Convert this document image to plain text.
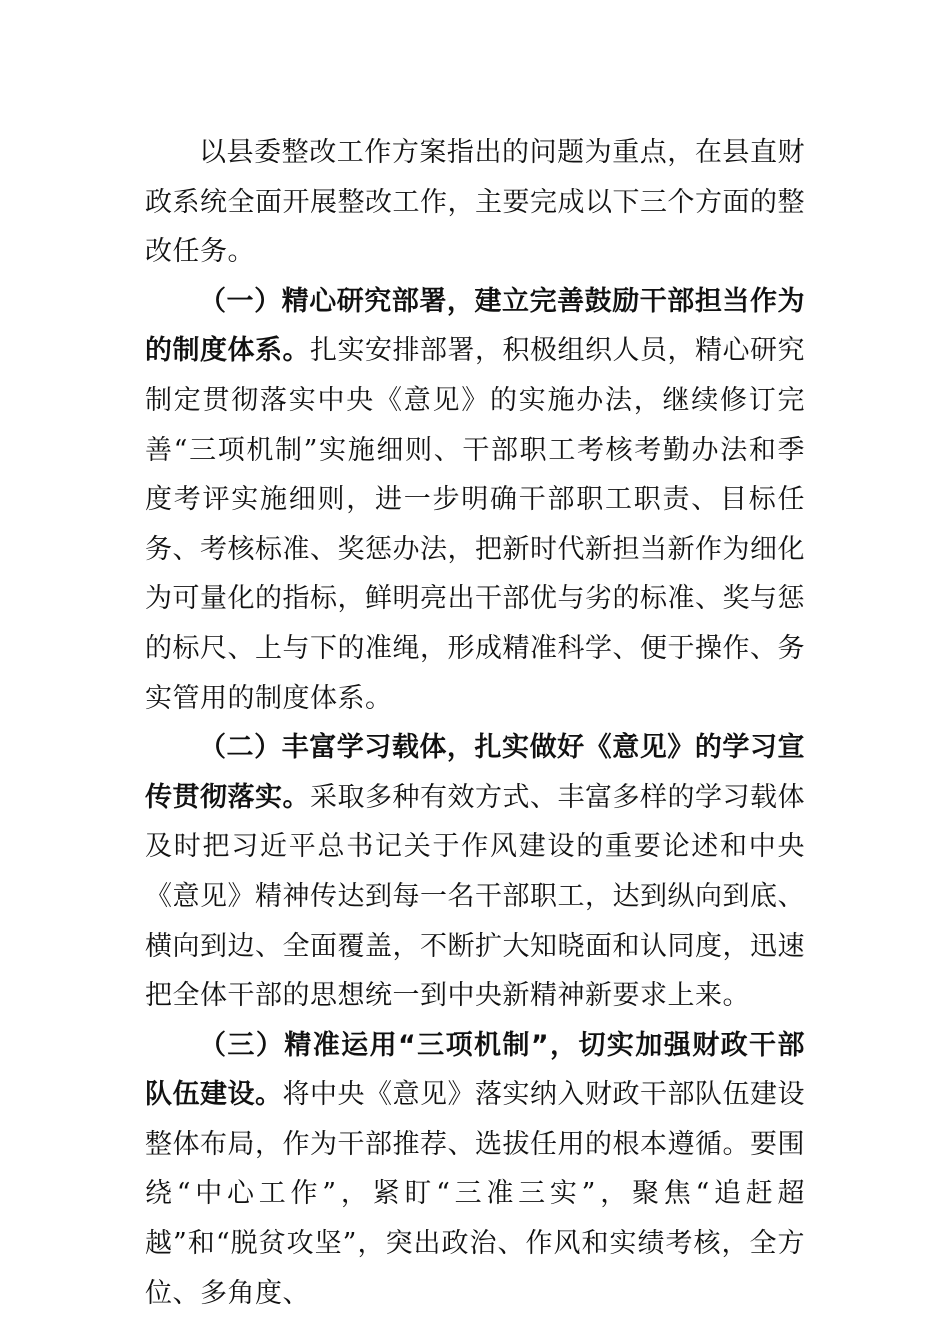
以县委整改工作方案指出的问题为重点，在县直财政系统全面开展整改工作，主要完成以下三个方面的整改任务。

（一）精心研究部署，建立完善鼓励干部担当作为的制度体系。扎实安排部署，积极组织人员，精心研究制定贯彻落实中央《意见》的实施办法，继续修订完善“三项机制”实施细则、干部职工考核考勤办法和季度考评实施细则，进一步明确干部职工职责、目标任务、考核标准、奖惩办法，把新时代新担当新作为细化为可量化的指标，鲜明亮出干部优与劣的标准、奖与惩的标尺、上与下的准绳，形成精准科学、便于操作、务实管用的制度体系。

（二）丰富学习载体，扎实做好《意见》的学习宣传贯彻落实。采取多种有效方式、丰富多样的学习载体及时把习近平总书记关于作风建设的重要论述和中央《意见》精神传达到每一名干部职工，达到纵向到底、横向到边、全面覆盖，不断扩大知晓面和认同度，迅速把全体干部的思想统一到中央新精神新要求上来。

（三）精准运用“三项机制”，切实加强财政干部队伍建设。将中央《意见》落实纳入财政干部队伍建设整体布局，作为干部推荐、选拔任用的根本遵循。要围绕“中心工作”，紧盯“三准三实”，聚焦“追赶超越”和“脱贫攻坚”，突出政治、作风和实绩考核，全方位、多角度、
